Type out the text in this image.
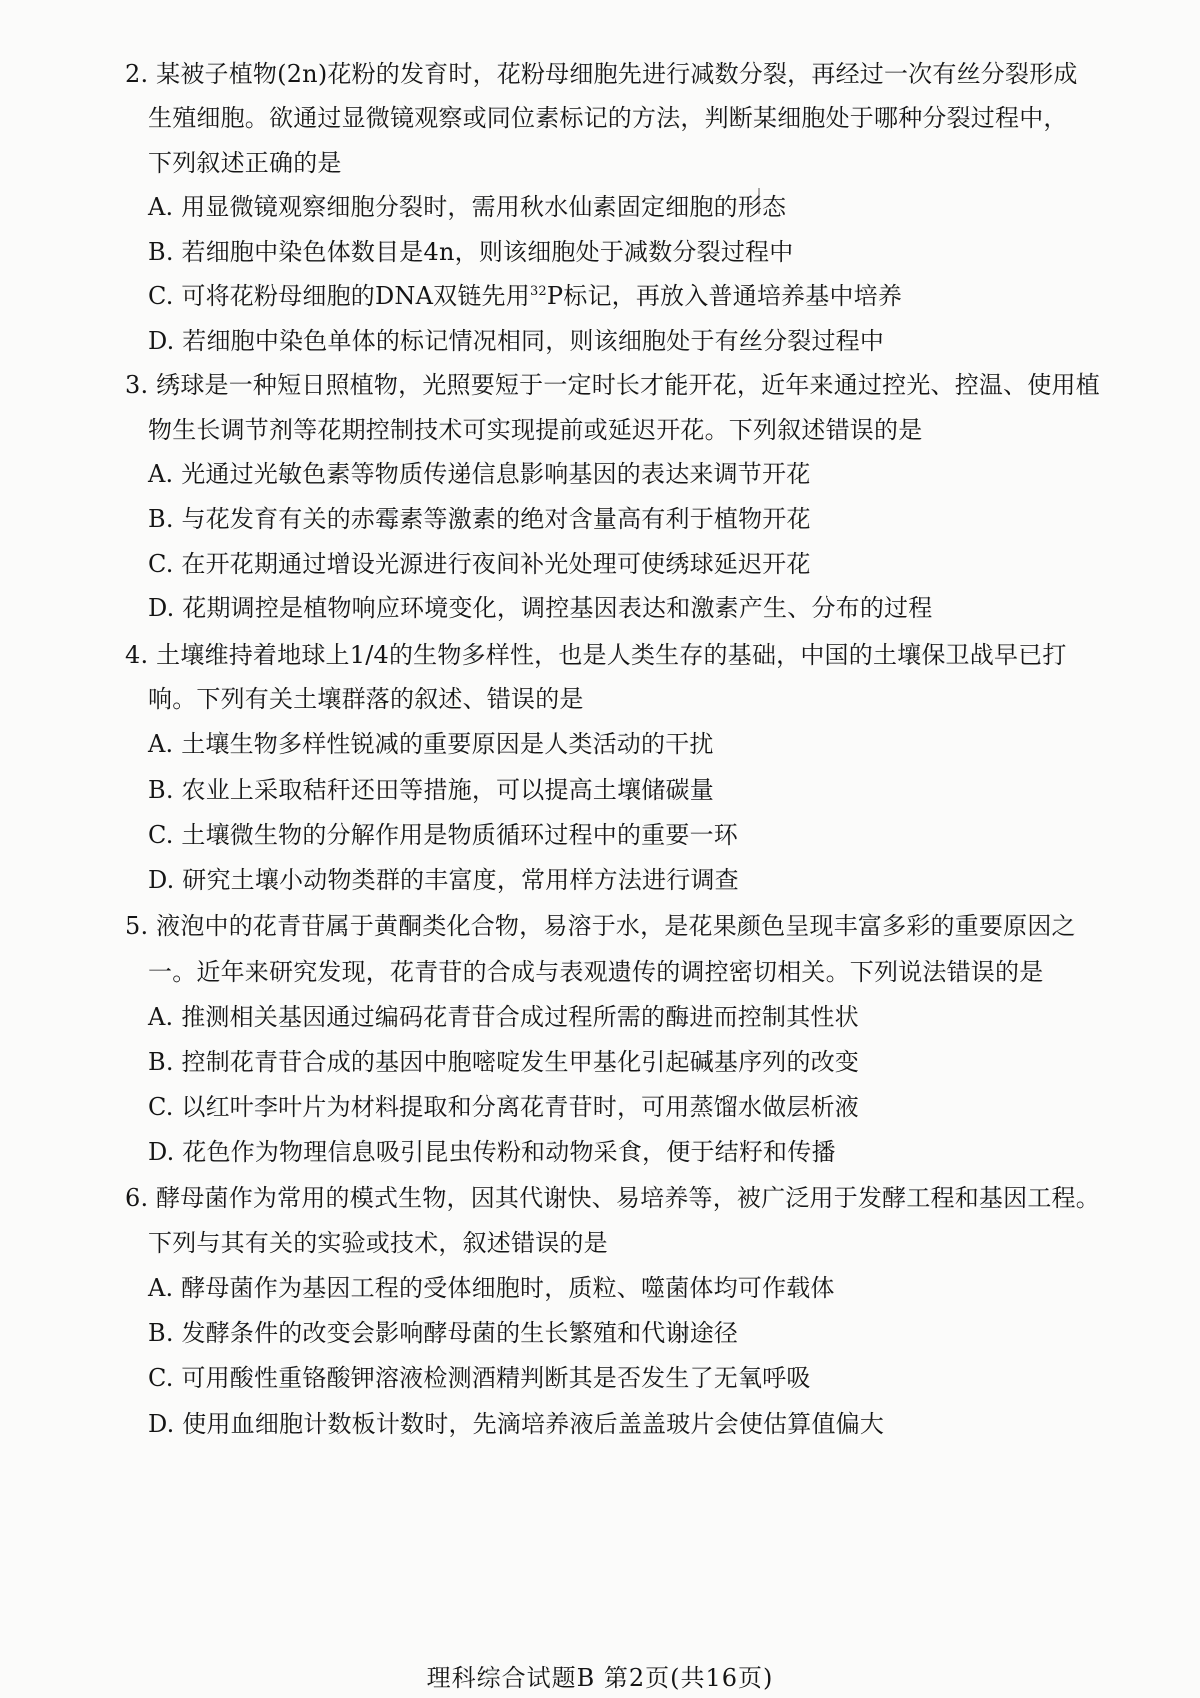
2. 某被子植物(2n)花粉的发育时，花粉母细胞先进行减数分裂，再经过一次有丝分裂形成
生殖细胞。欲通过显微镜观察或同位素标记的方法，判断某细胞处于哪种分裂过程中，
下列叙述正确的是
A. 用显微镜观察细胞分裂时，需用秋水仙素固定细胞的形态
B. 若细胞中染色体数目是4n，则该细胞处于减数分裂过程中
C. 可将花粉母细胞的DNA双链先用$^{32}$P标记，再放入普通培养基中培养
D. 若细胞中染色单体的标记情况相同，则该细胞处于有丝分裂过程中
3. 绣球是一种短日照植物，光照要短于一定时长才能开花，近年来通过控光、控温、使用植
物生长调节剂等花期控制技术可实现提前或延迟开花。下列叙述错误的是
A. 光通过光敏色素等物质传递信息影响基因的表达来调节开花
B. 与花发育有关的赤霉素等激素的绝对含量高有利于植物开花
C. 在开花期通过增设光源进行夜间补光处理可使绣球延迟开花
D. 花期调控是植物响应环境变化，调控基因表达和激素产生、分布的过程
4. 土壤维持着地球上1/4的生物多样性，也是人类生存的基础，中国的土壤保卫战早已打
响。下列有关土壤群落的叙述、错误的是
A. 土壤生物多样性锐减的重要原因是人类活动的干扰
B. 农业上采取秸秆还田等措施，可以提高土壤储碳量
C. 土壤微生物的分解作用是物质循环过程中的重要一环
D. 研究土壤小动物类群的丰富度，常用样方法进行调查
5. 液泡中的花青苷属于黄酮类化合物，易溶于水，是花果颜色呈现丰富多彩的重要原因之
一。近年来研究发现，花青苷的合成与表观遗传的调控密切相关。下列说法错误的是
A. 推测相关基因通过编码花青苷合成过程所需的酶进而控制其性状
B. 控制花青苷合成的基因中胞嘧啶发生甲基化引起碱基序列的改变
C. 以红叶李叶片为材料提取和分离花青苷时，可用蒸馏水做层析液
D. 花色作为物理信息吸引昆虫传粉和动物采食，便于结籽和传播
6. 酵母菌作为常用的模式生物，因其代谢快、易培养等，被广泛用于发酵工程和基因工程。
下列与其有关的实验或技术，叙述错误的是
A. 酵母菌作为基因工程的受体细胞时，质粒、噬菌体均可作载体
B. 发酵条件的改变会影响酵母菌的生长繁殖和代谢途径
C. 可用酸性重铬酸钾溶液检测酒精判断其是否发生了无氧呼吸
D. 使用血细胞计数板计数时，先滴培养液后盖盖玻片会使估算值偏大
理科综合试题B 第2页(共16页)
